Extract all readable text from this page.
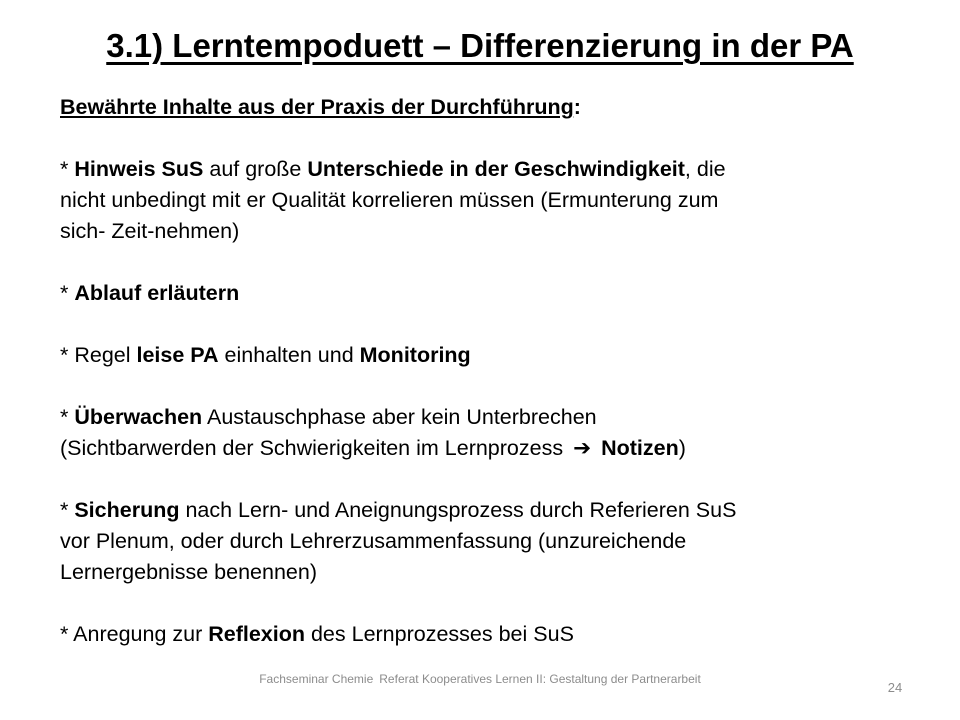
3.1) Lerntempoduett – Differenzierung in der PA

Bewährte Inhalte aus der Praxis der Durchführung:

* Hinweis SuS auf große Unterschiede in der Geschwindigkeit, die

nicht unbedingt mit er Qualität korrelieren müssen (Ermunterung zum

sich- Zeit-nehmen)

* Ablauf erläutern

* Regel leise PA einhalten und Monitoring

* Überwachen Austauschphase aber kein Unterbrechen

(Sichtbarwerden der Schwierigkeiten im Lernprozess ➔ Notizen)

* Sicherung nach Lern- und Aneignungsprozess durch Referieren SuS

vor Plenum, oder durch Lehrerzusammenfassung (unzureichende

Lernergebnisse benennen)

* Anregung zur Reflexion des Lernprozesses bei SuS

Fachseminar Chemie Referat Kooperatives Lernen II: Gestaltung der Partnerarbeit
24
